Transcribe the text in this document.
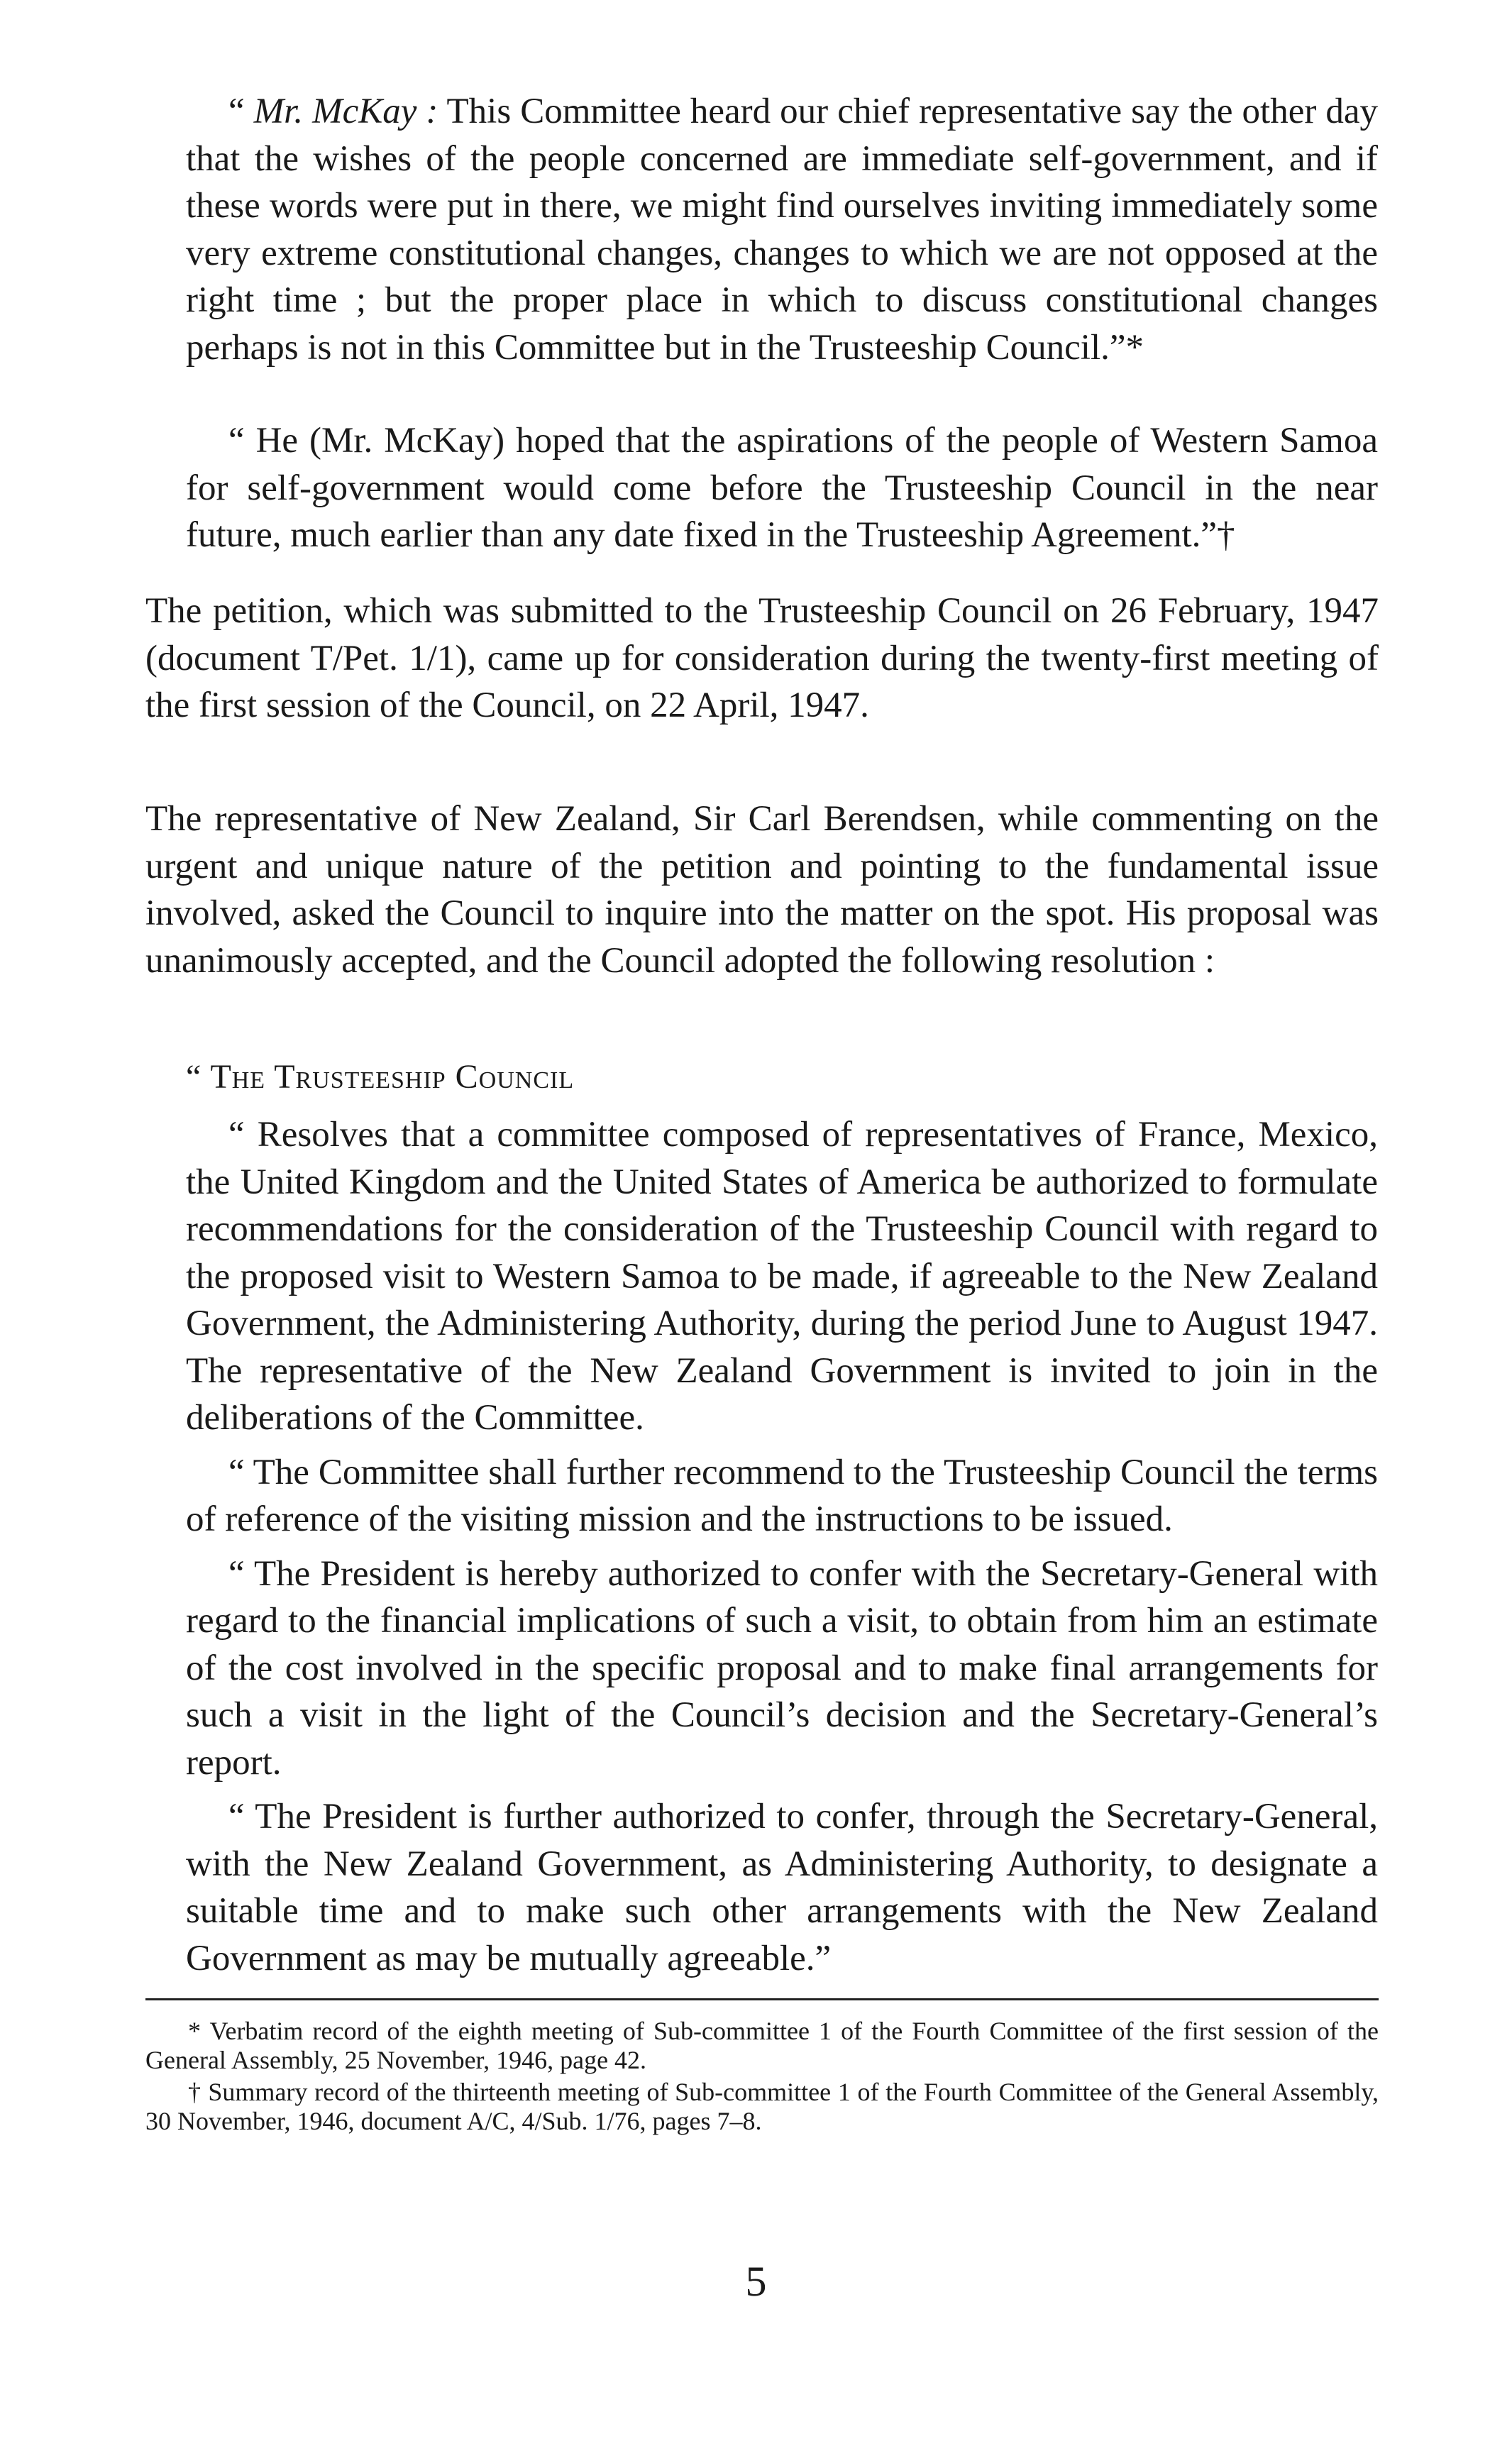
“ Mr. McKay : This Committee heard our chief representative say the other day that the wishes of the people concerned are immediate self-government, and if these words were put in there, we might find ourselves inviting immediately some very extreme constitutional changes, changes to which we are not opposed at the right time ; but the proper place in which to discuss constitutional changes perhaps is not in this Committee but in the Trusteeship Council.”*

“ He (Mr. McKay) hoped that the aspirations of the people of Western Samoa for self-government would come before the Trusteeship Council in the near future, much earlier than any date fixed in the Trusteeship Agreement.”†

The petition, which was submitted to the Trusteeship Council on 26 February, 1947 (document T/Pet. 1/1), came up for consideration during the twenty-first meeting of the first session of the Council, on 22 April, 1947.

The representative of New Zealand, Sir Carl Berendsen, while commenting on the urgent and unique nature of the petition and pointing to the fundamental issue involved, asked the Council to inquire into the matter on the spot. His proposal was unanimously accepted, and the Council adopted the following resolution :

“ The Trusteeship Council

“ Resolves that a committee composed of representatives of France, Mexico, the United Kingdom and the United States of America be authorized to formulate recommendations for the consideration of the Trusteeship Council with regard to the proposed visit to Western Samoa to be made, if agreeable to the New Zealand Government, the Administering Authority, during the period June to August 1947. The representative of the New Zealand Government is invited to join in the deliberations of the Committee.

“ The Committee shall further recommend to the Trusteeship Council the terms of reference of the visiting mission and the instructions to be issued.

“ The President is hereby authorized to confer with the Secretary-General with regard to the financial implications of such a visit, to obtain from him an estimate of the cost involved in the specific proposal and to make final arrangements for such a visit in the light of the Council’s decision and the Secretary-General’s report.

“ The President is further authorized to confer, through the Secretary-General, with the New Zealand Government, as Administering Authority, to designate a suitable time and to make such other arrangements with the New Zealand Government as may be mutually agreeable.”

* Verbatim record of the eighth meeting of Sub-committee 1 of the Fourth Committee of the first session of the General Assembly, 25 November, 1946, page 42.

† Summary record of the thirteenth meeting of Sub-committee 1 of the Fourth Committee of the General Assembly, 30 November, 1946, document A/C, 4/Sub. 1/76, pages 7–8.

5
